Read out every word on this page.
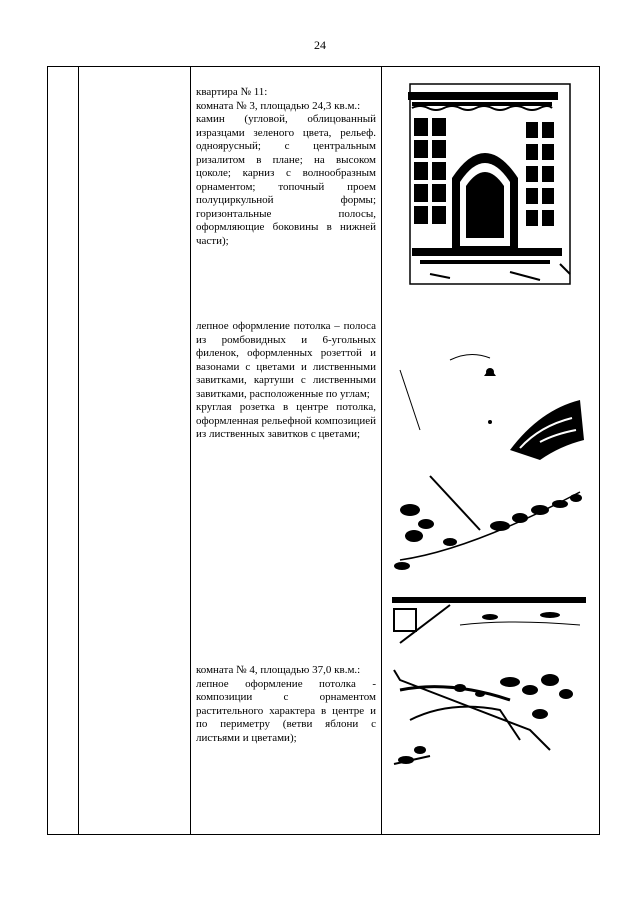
24

квартира № 11:

комната № 3, площадью 24,3 кв.м.:

камин (угловой, облицованный изразцами зеленого цвета, рельеф. одноярусный; с центральным ризалитом в плане; на высоком цоколе; карниз с волнообразным орнаментом; топочный проем полуциркульной формы; горизонтальные полосы, оформляющие боковины в нижней части);

лепное оформление потолка – полоса из ромбовидных и 6-угольных филенок, оформленных розеттой и вазонами с цветами и лиственными завитками, картуши с лиственными завитками, расположенные по углам;

круглая розетка в центре потолка, оформленная рельефной композицией из лиственных завитков с цветами;

комната № 4, площадью 37,0 кв.м.:

лепное оформление потолка - композиции с орнаментом растительного характера в центре и по периметру (ветви яблони с листьями и цветами);
